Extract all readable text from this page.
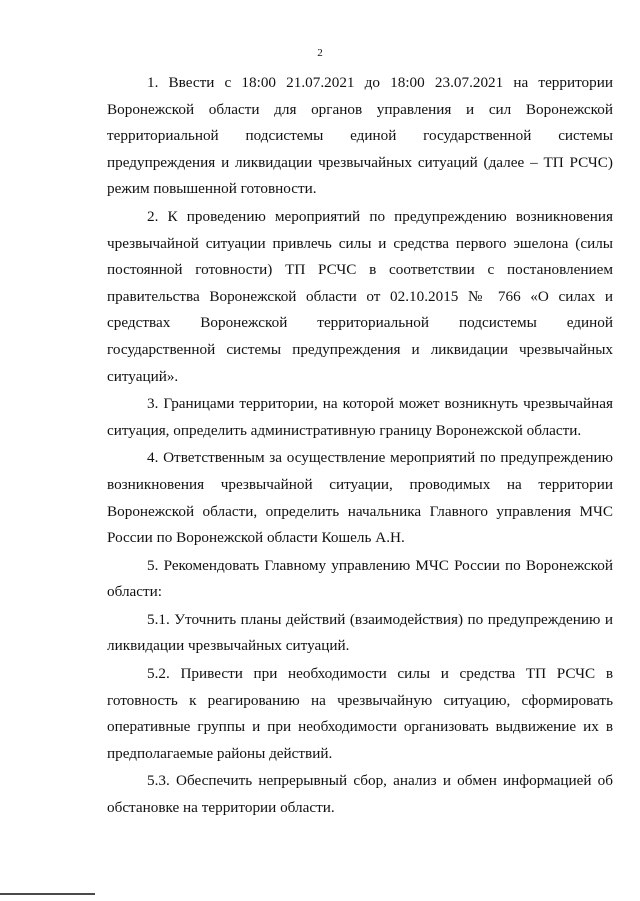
2

1. Ввести с 18:00 21.07.2021 до 18:00 23.07.2021 на территории Воронежской области для органов управления и сил Воронежской территориальной подсистемы единой государственной системы предупреждения и ликвидации чрезвычайных ситуаций (далее – ТП РСЧС) режим повышенной готовности.

2. К проведению мероприятий по предупреждению возникновения чрезвычайной ситуации привлечь силы и средства первого эшелона (силы постоянной готовности) ТП РСЧС в соответствии с постановлением правительства Воронежской области от 02.10.2015 № 766 «О силах и средствах Воронежской территориальной подсистемы единой государственной системы предупреждения и ликвидации чрезвычайных ситуаций».

3. Границами территории, на которой может возникнуть чрезвычайная ситуация, определить административную границу Воронежской области.

4. Ответственным за осуществление мероприятий по предупреждению возникновения чрезвычайной ситуации, проводимых на территории Воронежской области, определить начальника Главного управления МЧС России по Воронежской области Кошель А.Н.

5. Рекомендовать Главному управлению МЧС России по Воронежской области:

5.1. Уточнить планы действий (взаимодействия) по предупреждению и ликвидации чрезвычайных ситуаций.

5.2. Привести при необходимости силы и средства ТП РСЧС в готовность к реагированию на чрезвычайную ситуацию, сформировать оперативные группы и при необходимости организовать выдвижение их в предполагаемые районы действий.

5.3. Обеспечить непрерывный сбор, анализ и обмен информацией об обстановке на территории области.
